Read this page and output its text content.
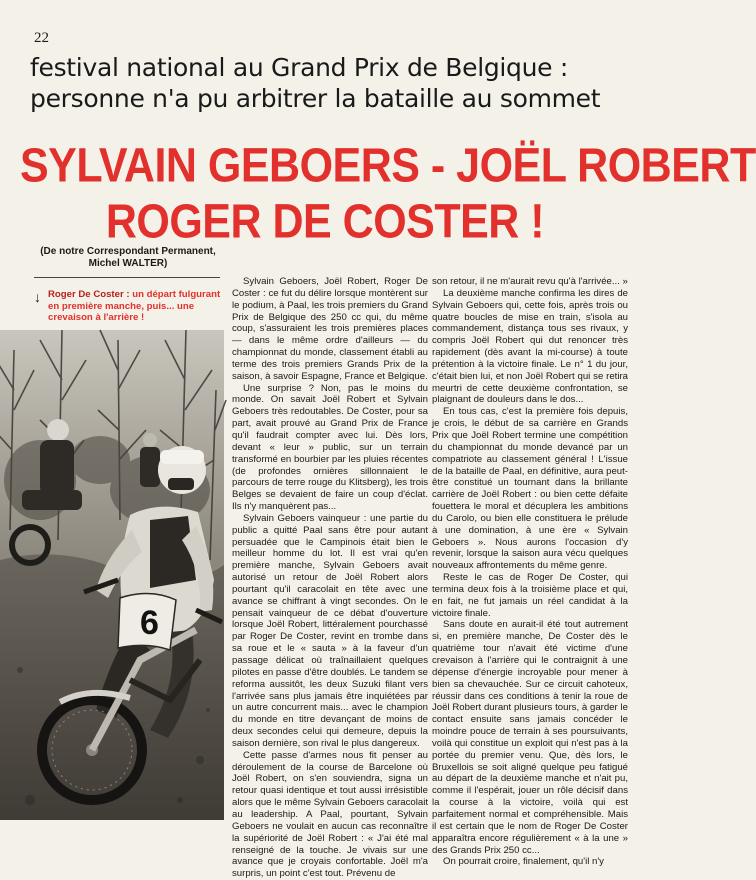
22
festival national au Grand Prix de Belgique :
personne n'a pu arbitrer la bataille au sommet
SYLVAIN GEBOERS - JOËL ROBERT
ROGER DE COSTER !
(De notre Correspondant Permanent,
Michel WALTER)
↓ Roger De Coster : un départ fulgurant en première manche, puis... une crevaison à l'arrière !
6

Sylvain Geboers, Joël Robert, Roger De Coster : ce fut du délire lorsque montèrent sur le podium, à Paal, les trois premiers du Grand Prix de Belgique des 250 cc qui, du même coup, s'assuraient les trois premières places — dans le même ordre d'ailleurs — du championnat du monde, classement établi au terme des trois premiers Grands Prix de la saison, à savoir Espagne, France et Belgique.

Une surprise ? Non, pas le moins du monde. On savait Joël Robert et Sylvain Geboers très redoutables. De Coster, pour sa part, avait prouvé au Grand Prix de France qu'il faudrait compter avec lui. Dès lors, devant « leur » public, sur un terrain transformé en bourbier par les pluies récentes (de profondes ornières sillonnaient le parcours de terre rouge du Klitsberg), les trois Belges se devaient de faire un coup d'éclat. Ils n'y manquèrent pas...

Sylvain Geboers vainqueur : une partie du public a quitté Paal sans être pour autant persuadée que le Campinois était bien le meilleur homme du lot. Il est vrai qu'en première manche, Sylvain Geboers avait autorisé un retour de Joël Robert alors pourtant qu'il caracolait en tête avec une avance se chiffrant à vingt secondes. On le pensait vainqueur de ce débat d'ouverture lorsque Joël Robert, littéralement pourchassé par Roger De Coster, revint en trombe dans sa roue et le « sauta » à la faveur d'un passage délicat où traînaillaient quelques pilotes en passe d'être doublés. Le tandem se reforma aussitôt, les deux Suzuki filant vers l'arrivée sans plus jamais être inquiétées par un autre concurrent mais... avec le champion du monde en titre devançant de moins de deux secondes celui qui demeure, depuis la saison dernière, son rival le plus dangereux.

Cette passe d'armes nous fit penser au déroulement de la course de Barcelone où Joël Robert, on s'en souviendra, signa un retour quasi identique et tout aussi irrésistible alors que le même Sylvain Geboers caracolait au leadership. A Paal, pourtant, Sylvain Geboers ne voulait en aucun cas reconnaître la supériorité de Joël Robert : « J'ai été mal renseigné de la touche. Je vivais sur une avance que je croyais confortable. Joël m'a surpris, un point c'est tout. Prévenu de

son retour, il ne m'aurait revu qu'à l'arrivée... »

La deuxième manche confirma les dires de Sylvain Geboers qui, cette fois, après trois ou quatre boucles de mise en train, s'isola au commandement, distança tous ses rivaux, y compris Joël Robert qui dut renoncer très rapidement (dès avant la mi-course) à toute prétention à la victoire finale. Le n° 1 du jour, c'était bien lui, et non Joël Robert qui se retira meurtri de cette deuxième confrontation, se plaignant de douleurs dans le dos...

En tous cas, c'est la première fois depuis, je crois, le début de sa carrière en Grands Prix que Joël Robert termine une compétition du championnat du monde devancé par un compatriote au classement général ! L'issue de la bataille de Paal, en définitive, aura peut-être constitué un tournant dans la brillante carrière de Joël Robert : ou bien cette défaite fouettera le moral et décuplera les ambitions du Carolo, ou bien elle constituera le prélude à une domination, à une ère « Sylvain Geboers ». Nous aurons l'occasion d'y revenir, lorsque la saison aura vécu quelques nouveaux affrontements du même genre.

Reste le cas de Roger De Coster, qui termina deux fois à la troisième place et qui, en fait, ne fut jamais un réel candidat à la victoire finale.

Sans doute en aurait-il été tout autrement si, en première manche, De Coster dès le quatrième tour n'avait été victime d'une crevaison à l'arrière qui le contraignit à une dépense d'énergie incroyable pour mener à bien sa chevauchée. Sur ce circuit cahoteux, réussir dans ces conditions à tenir la roue de Joël Robert durant plusieurs tours, à garder le contact ensuite sans jamais concéder le moindre pouce de terrain à ses poursuivants, voilà qui constitue un exploit qui n'est pas à la portée du premier venu. Que, dès lors, le Bruxellois se soit aligné quelque peu fatigué au départ de la deuxième manche et n'ait pu, comme il l'espérait, jouer un rôle décisif dans la course à la victoire, voilà qui est parfaitement normal et compréhensible. Mais il est certain que le nom de Roger De Coster apparaîtra encore régulièrement « à la une » des Grands Prix 250 cc...

On pourrait croire, finalement, qu'il n'y
